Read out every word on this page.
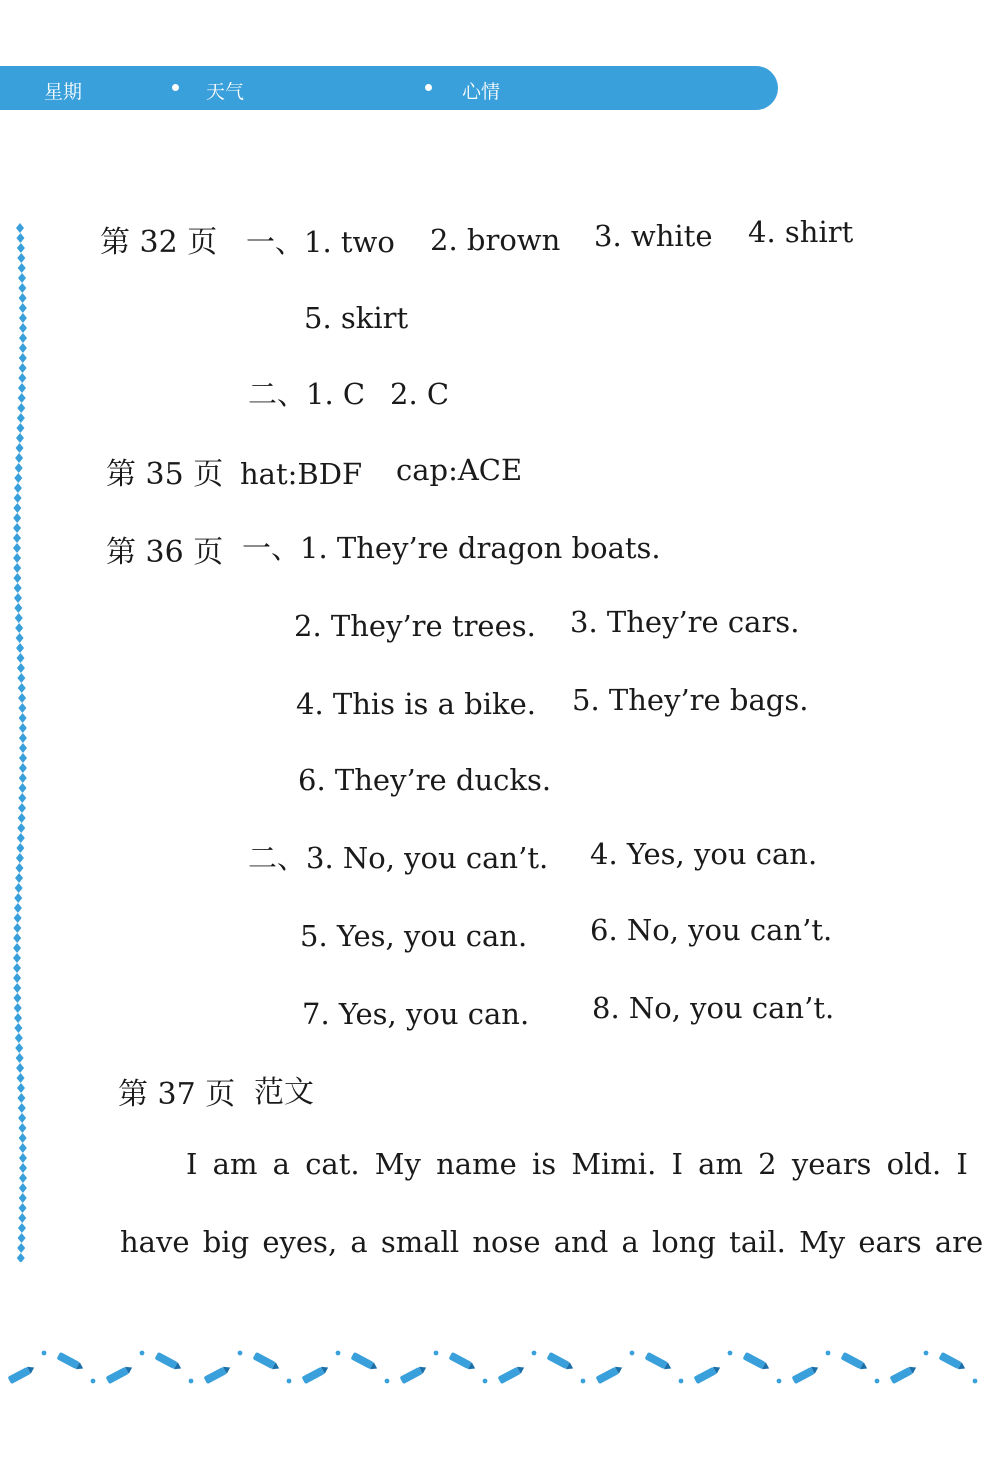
星期	天气	心情
第 32 页 一、1. two 2. brown 3. white 4. shirt
5. skirt
二、1. C 2. C
第 35 页 hat:BDF cap:ACE
第 36 页 一、1. They’re dragon boats.
2. They’re trees. 3. They’re cars.
4. This is a bike. 5. They’re bags.
6. They’re ducks.
二、3. No, you can’t. 4. Yes, you can.
5. Yes, you can. 6. No, you can’t.
7. Yes, you can. 8. No, you can’t.
第 37 页 范文
I am a cat. My name is Mimi. I am 2 years old. I
have big eyes, a small nose and a long tail. My ears are
